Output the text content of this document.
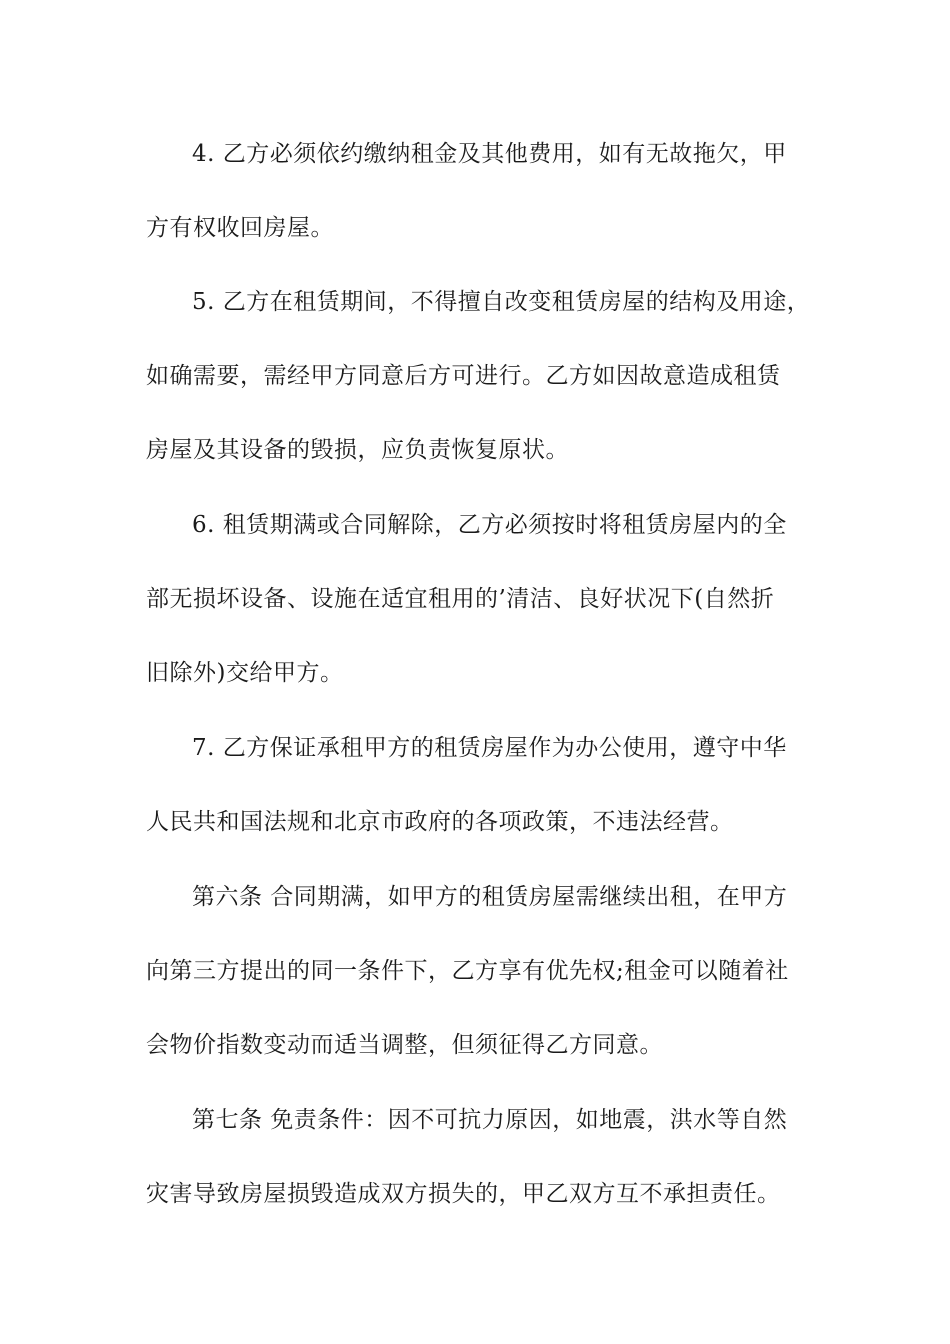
4. 乙方必须依约缴纳租金及其他费用，如有无故拖欠，甲
方有权收回房屋。
5. 乙方在租赁期间，不得擅自改变租赁房屋的结构及用途，
如确需要，需经甲方同意后方可进行。乙方如因故意造成租赁
房屋及其设备的毁损，应负责恢复原状。
6. 租赁期满或合同解除，乙方必须按时将租赁房屋内的全
部无损坏设备、设施在适宜租用的’清洁、良好状况下(自然折
旧除外)交给甲方。
7. 乙方保证承租甲方的租赁房屋作为办公使用，遵守中华
人民共和国法规和北京市政府的各项政策，不违法经营。
第六条 合同期满，如甲方的租赁房屋需继续出租，在甲方
向第三方提出的同一条件下，乙方享有优先权;租金可以随着社
会物价指数变动而适当调整，但须征得乙方同意。
第七条 免责条件：因不可抗力原因，如地震，洪水等自然
灾害导致房屋损毁造成双方损失的，甲乙双方互不承担责任。
